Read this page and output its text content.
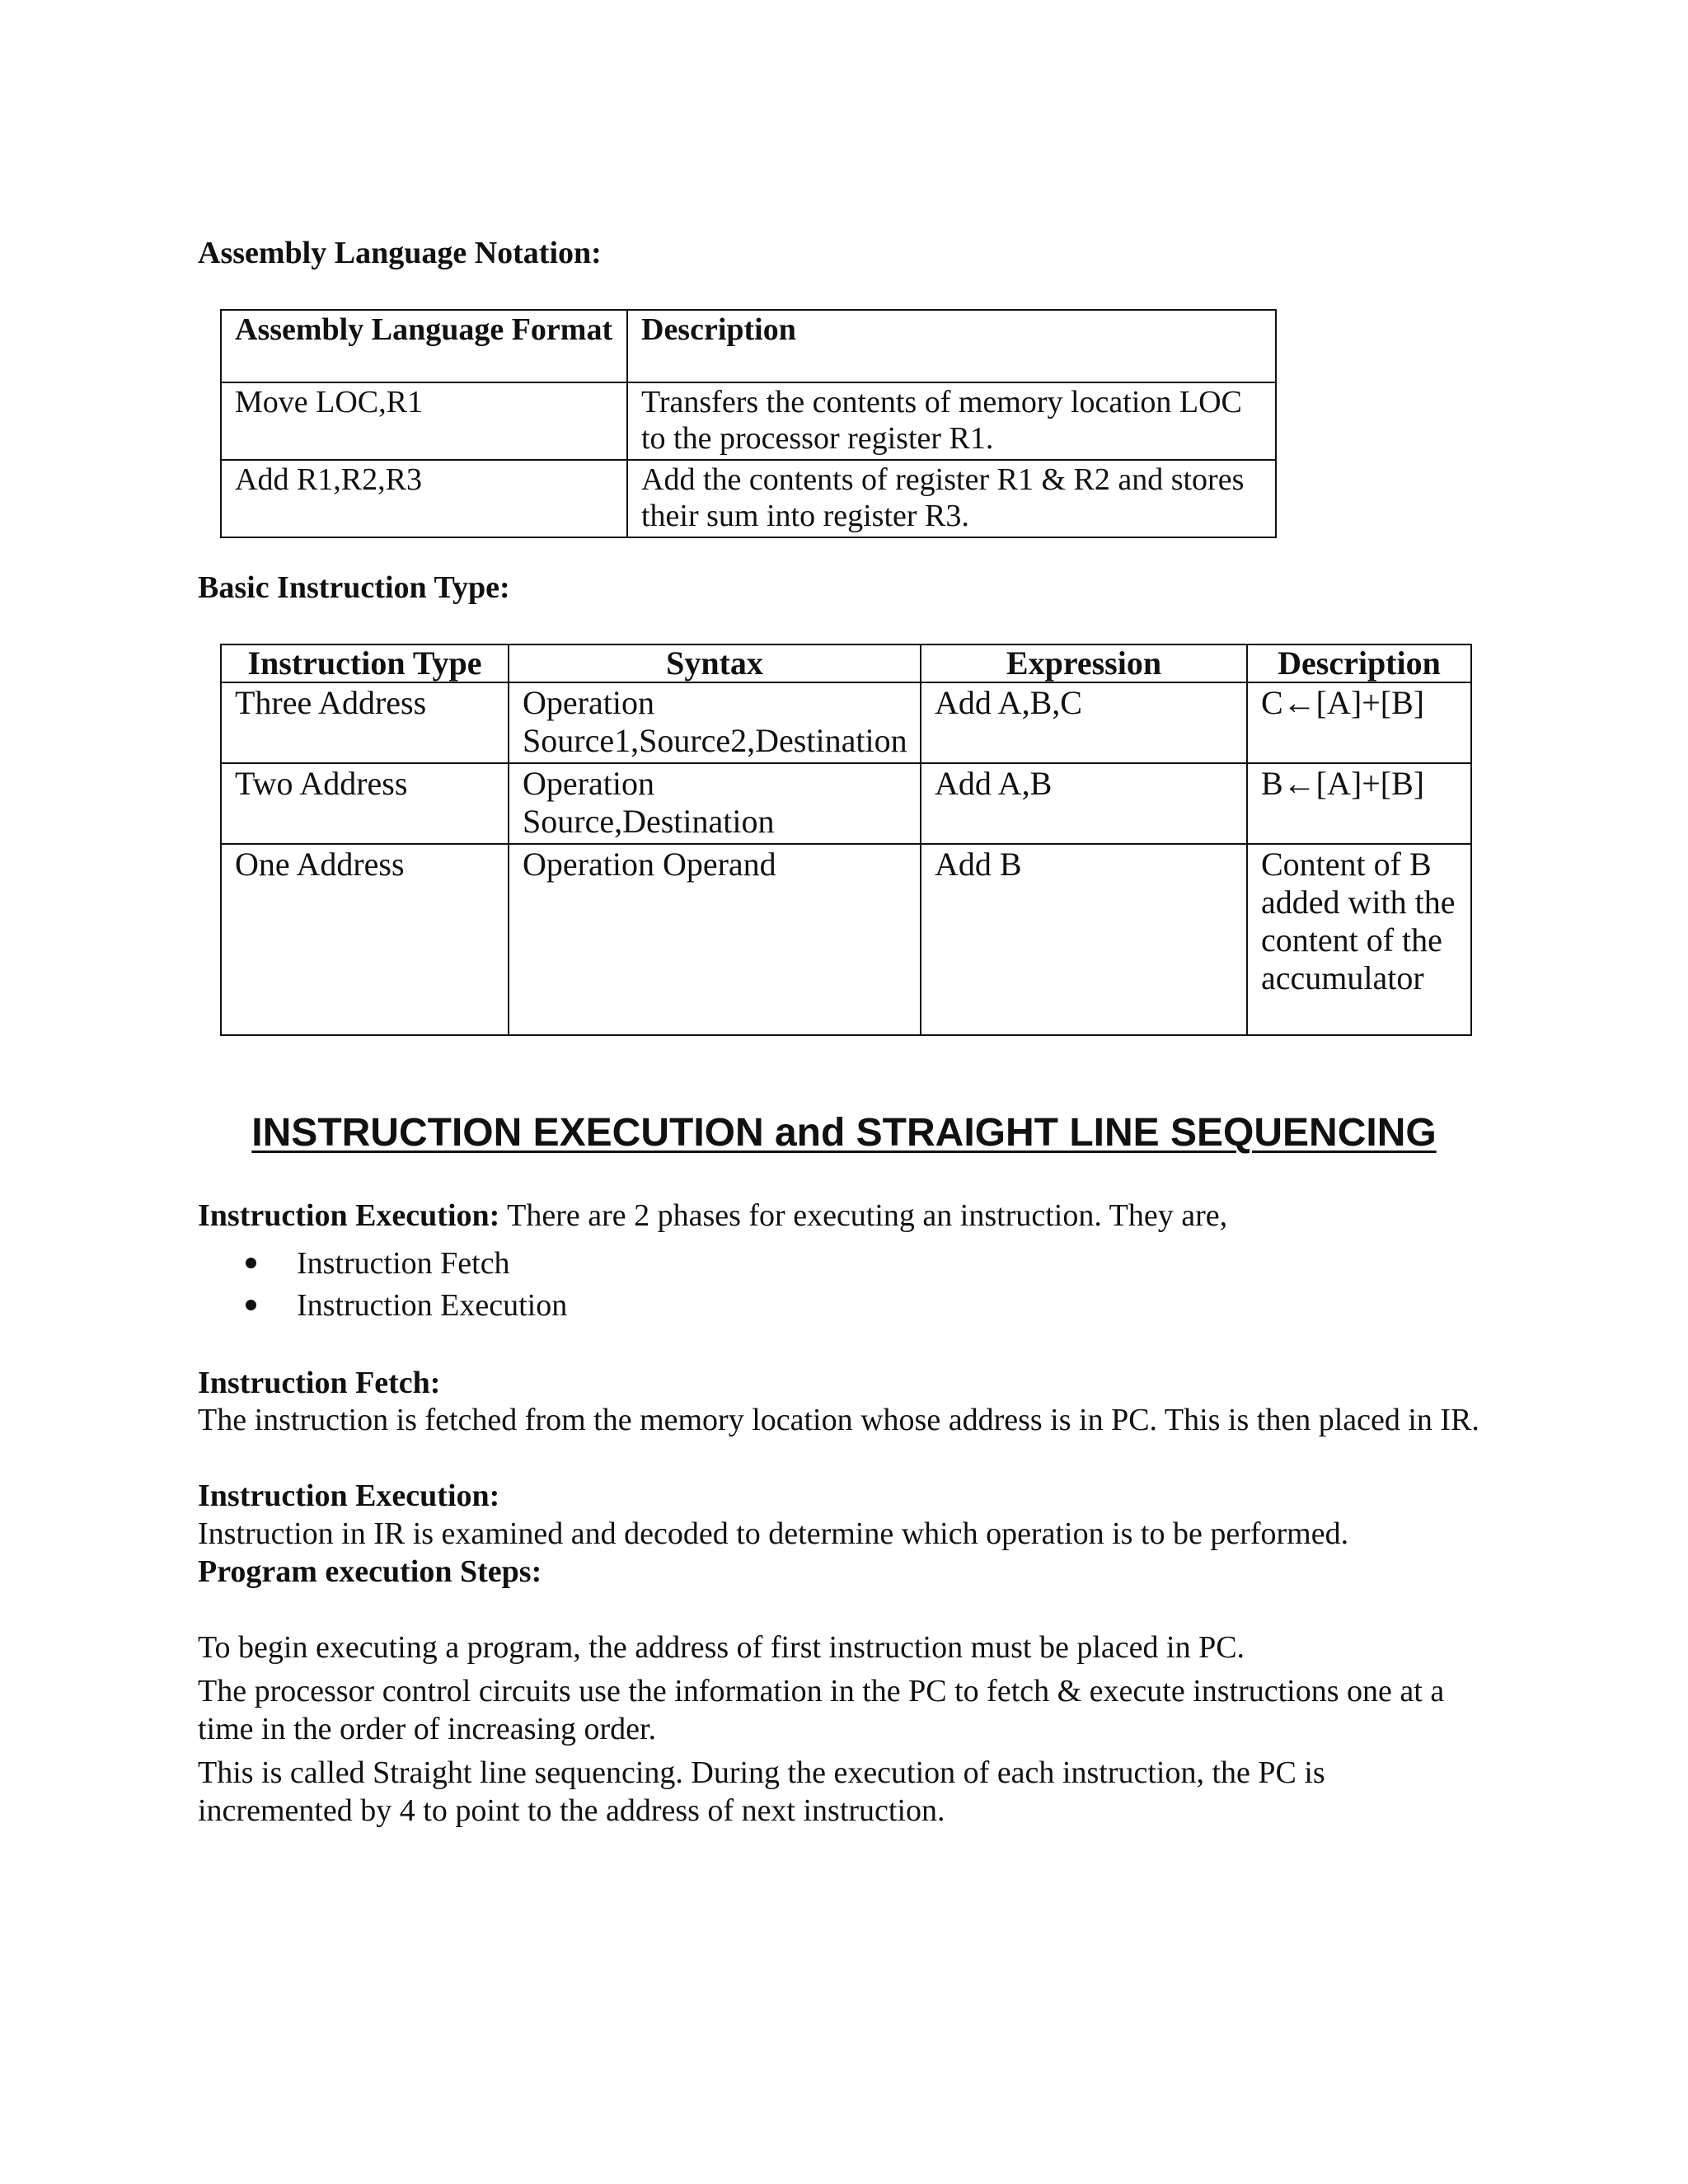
Assembly Language Notation:
Assembly Language Format	Description
Move LOC,R1	Transfers the contents of memory location LOC to the processor register R1.
Add R1,R2,R3	Add the contents of register R1 & R2 and stores their sum into register R3.
Basic Instruction Type:
Instruction Type	Syntax	Expression	Description
Three Address	Operation Source1,Source2,Destination	Add A,B,C	C←[A]+[B]
Two Address	Operation Source,Destination	Add A,B	B←[A]+[B]
One Address	Operation Operand	Add B	Content of B added with the content of the accumulator
INSTRUCTION EXECUTION and STRAIGHT LINE SEQUENCING
Instruction Execution: There are 2 phases for executing an instruction. They are,
Instruction Fetch
Instruction Execution
Instruction Fetch:
The instruction is fetched from the memory location whose address is in PC. This is then placed in IR.
Instruction Execution:
Instruction in IR is examined and decoded to determine which operation is to be performed.
Program execution Steps:
To begin executing a program, the address of first instruction must be placed in PC.
The processor control circuits use the information in the PC to fetch & execute instructions one at a time in the order of increasing order.
This is called Straight line sequencing. During the execution of each instruction, the PC is incremented by 4 to point to the address of next instruction.
